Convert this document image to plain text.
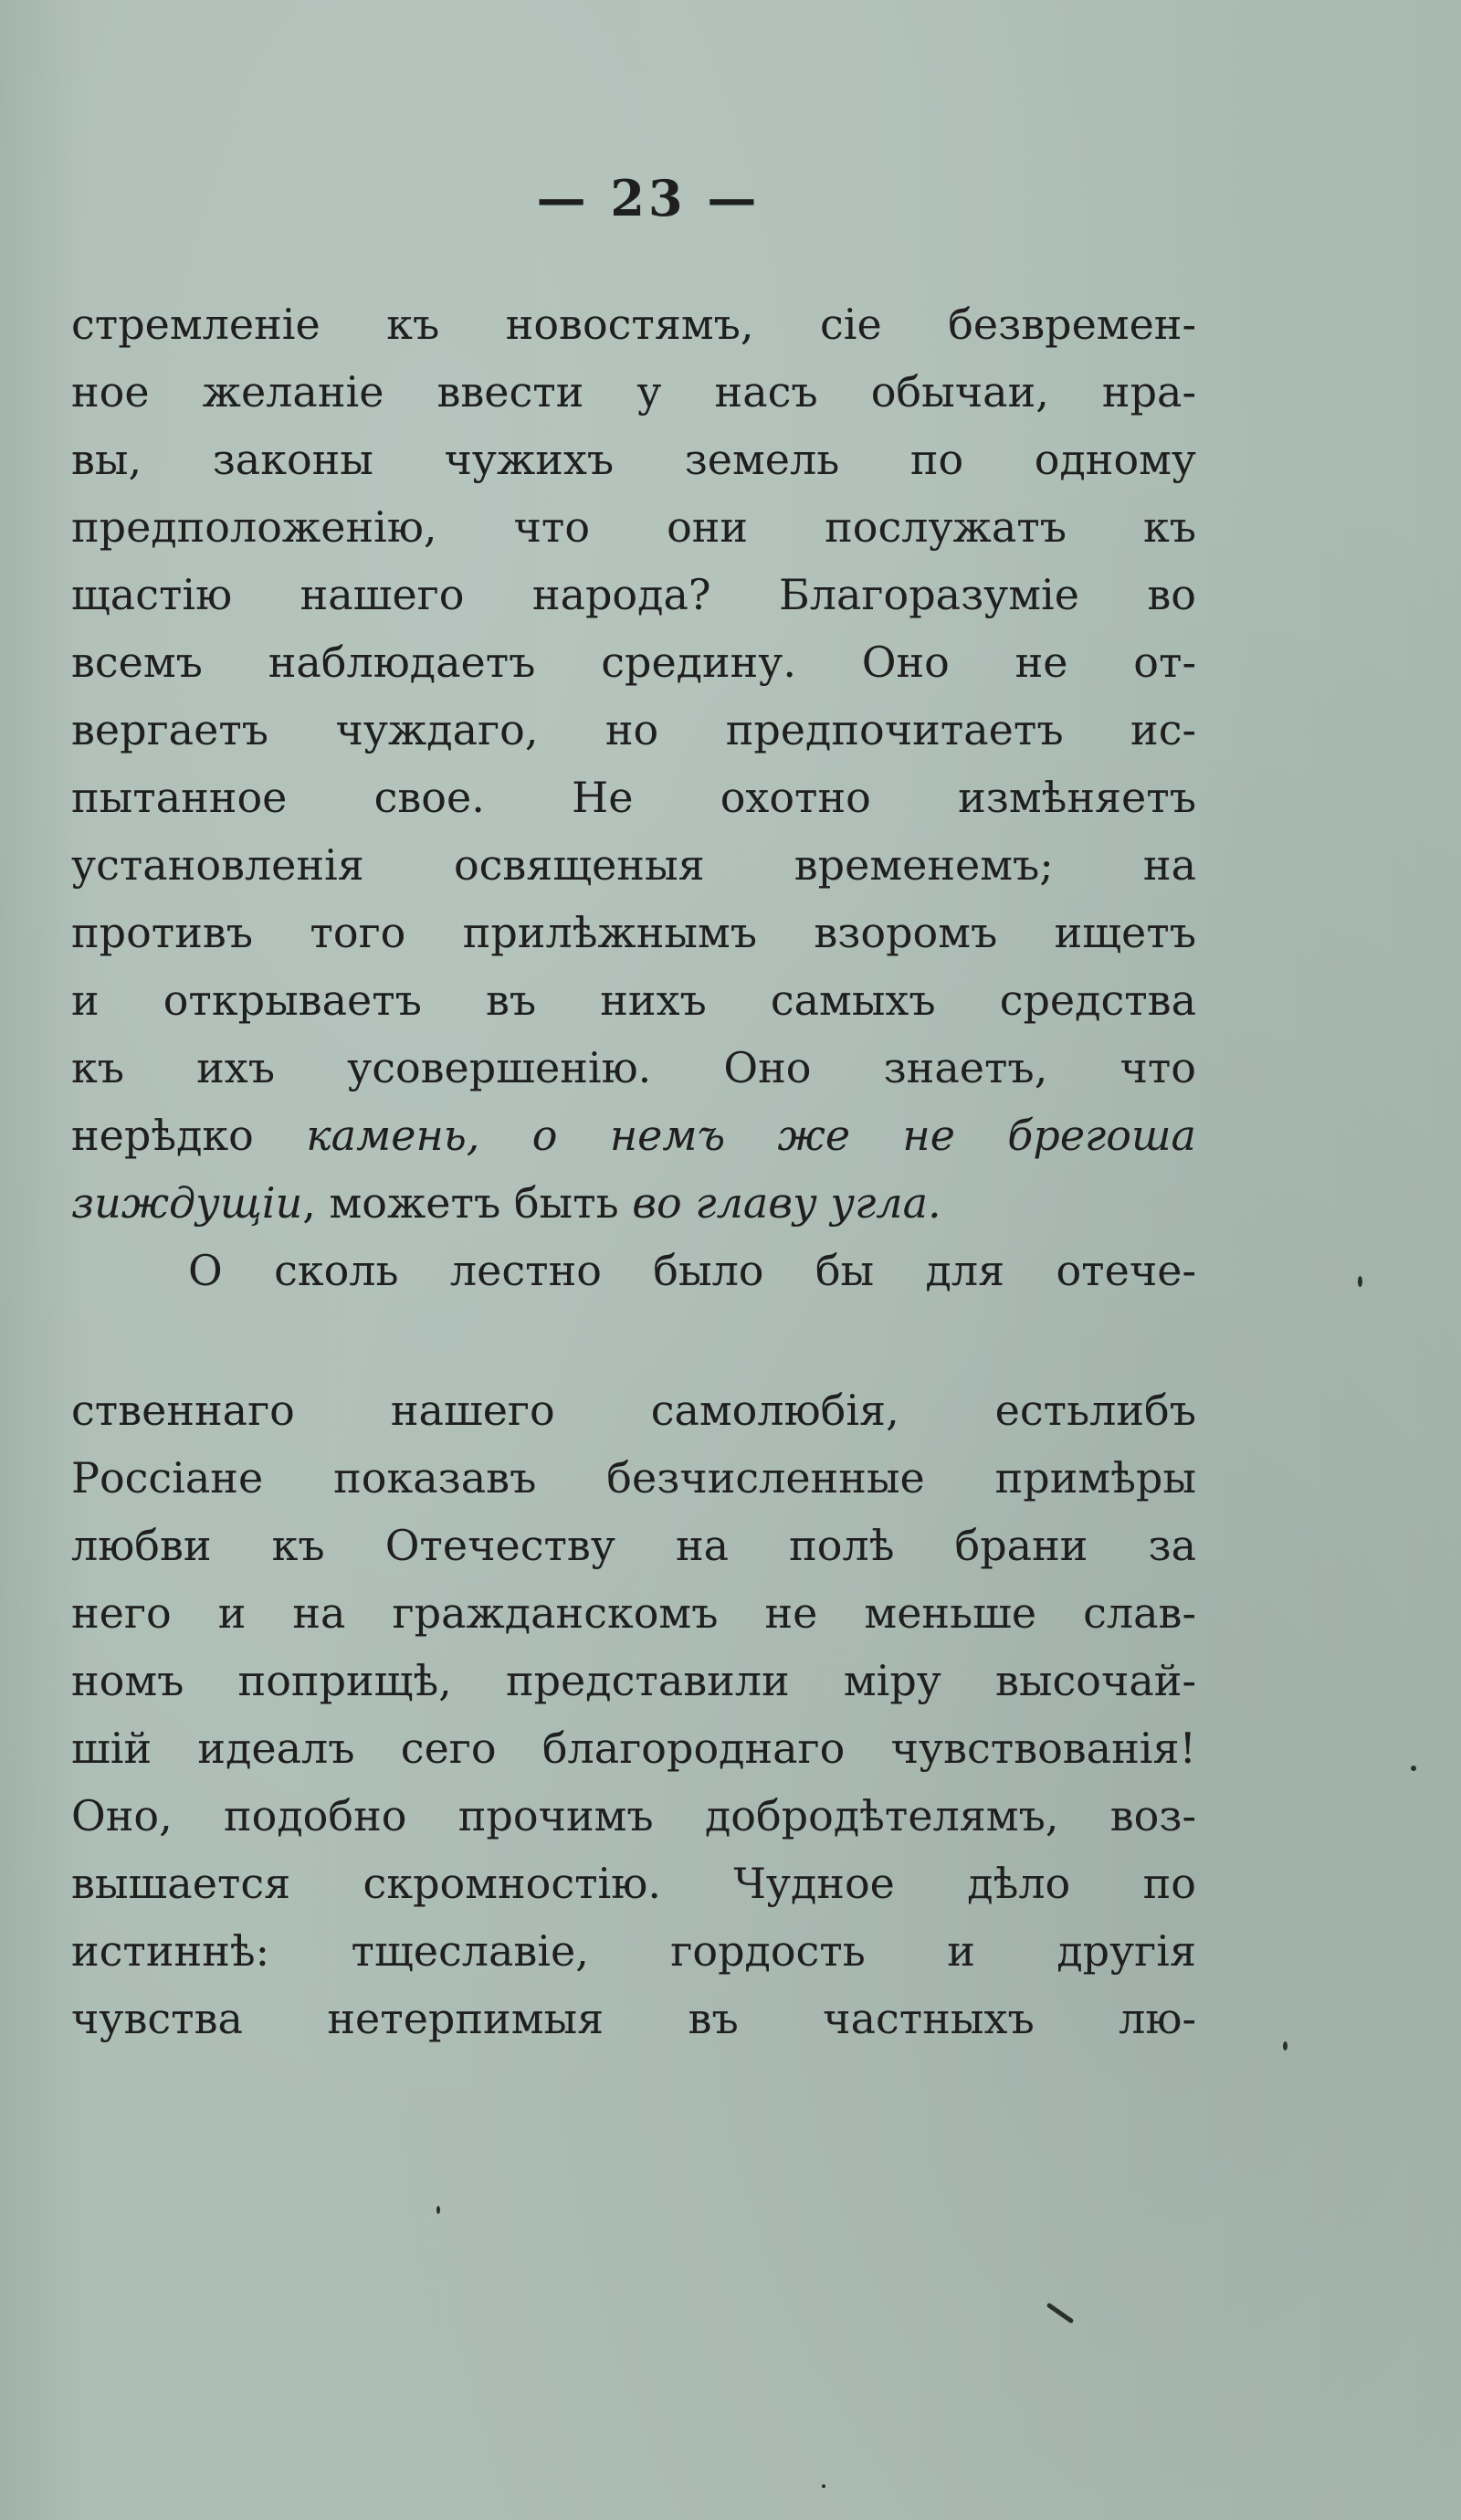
— 23 —
стремленіе къ новостямъ, сіе безвремен-
ное желаніе ввести у насъ обычаи, нра-
вы, законы чужихъ земель по одному
предположенію, что они послужатъ къ
щастію нашего народа? Благоразуміе во
всемъ наблюдаетъ средину. Оно не от-
вергаетъ чуждаго, но предпочитаетъ ис-
пытанное свое. Не охотно измѣняетъ
установленія освященыя временемъ; на
противъ того прилѣжнымъ взоромъ ищетъ
и открываетъ въ нихъ самыхъ средства
къ ихъ усовершенію. Оно знаетъ, что
нерѣдко камень, о немъ же не брегоша
зиждущіи, можетъ быть во главу угла.
О сколь лестно было бы для отече-
ственнаго нашего самолюбія, естьлибъ
Россіане показавъ безчисленные примѣры
любви къ Отечеству на полѣ брани за
него и на гражданскомъ не меньше слав-
номъ поприщѣ, представили міру высочай-
шій идеалъ сего благороднаго чувствованія!
Оно, подобно прочимъ добродѣтелямъ, воз-
вышается скромностію. Чудное дѣло по
истиннѣ: тщеславіе, гордость и другія
чувства нетерпимыя въ частныхъ лю-
